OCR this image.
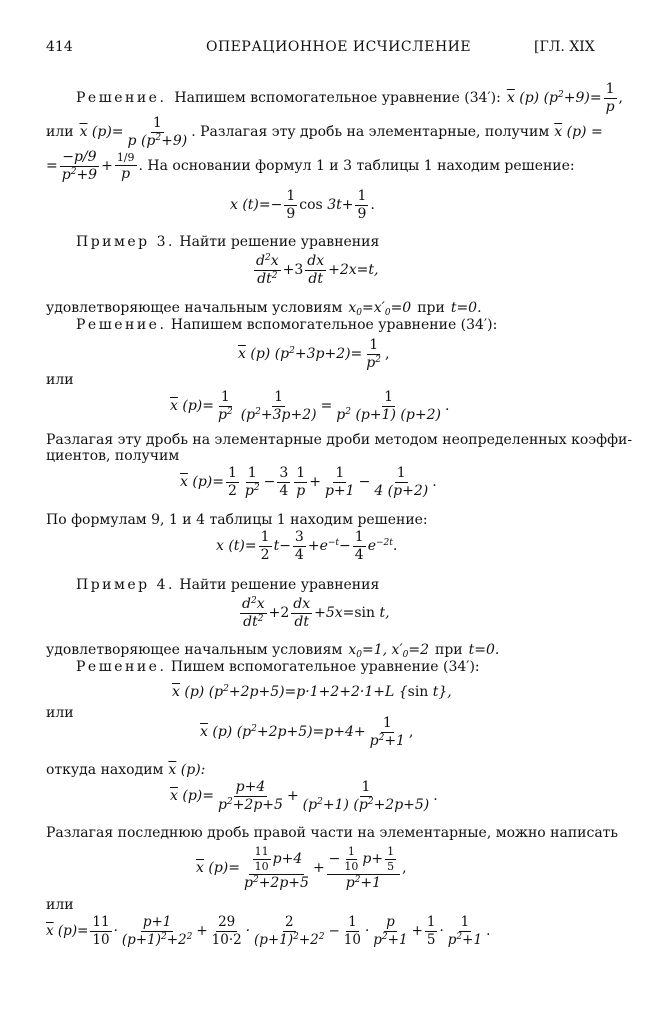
414	ОПЕРАЦИОННОЕ ИСЧИСЛЕНИЕ	[ГЛ. XIX
Решение. Напишем вспомогательное уравнение (34′): $\overline{x}$ (p) $(p^2+9)= \frac{1}{p}$ ,
или $\overline{x}$ $(p)= \frac{1}{p (p^2+9)}$ . Разлагая эту дробь на элементарные, получим $\overline{x}$ (p) =
= $\frac{-p/9}{p^2+9} + \frac{1/9}{p}$ . На основании формул 1 и 3 таблицы 1 находим решение:
x $(t)=- \frac{1}{9}$ $\cos 3t+ \frac{1}{9}$ .
Пример 3. Найти решение уравнения
$\frac{d^2x}{dt^2} +3 \frac{dx}{dt} +2x=t$,
удовлетворяющее начальным условиям $x_0=x'_0=0$ при t=0.
Решение. Напишем вспомогательное уравнение (34′):
$\overline{x}$ (p) $(p^2+3p+2)= \frac{1}{p^2}$ ,
или
$\overline{x}$ $(p)= \frac{1}{p^2} \frac{1}{(p^2+3p+2)} = \frac{1}{p^2 (p+1) (p+2)}$ .
Разлагая эту дробь на элементарные дроби методом неопределенных коэффи-
циентов, получим
$\overline{x}$ $(p)= \frac{1}{2} \frac{1}{p^2} - \frac{3}{4} \frac{1}{p} + \frac{1}{p+1} - \frac{1}{4 (p+2)}$ .
По формулам 9, 1 и 4 таблицы 1 находим решение:
x $(t)= \frac{1}{2} t- \frac{3}{4} +e^{-t}- \frac{1}{4} e^{-2t}$.
Пример 4. Найти решение уравнения
$\frac{d^2x}{dt^2} +2 \frac{dx}{dt} +5x=\sin$ t,
удовлетворяющее начальным условиям $x_0=1$, $x'_0=2$ при t=0.
Решение. Пишем вспомогательное уравнение (34′):
$\overline{x}$ (p) $(p^2+2p+5)=p\cdot 1+2+2\cdot 1+L$ {sin t},
или
$\overline{x}$ (p) $(p^2+2p+5)=p+4+ \frac{1}{p^2+1}$ ,
откуда находим $\overline{x}$ (p):
$\overline{x}$ $(p)= \frac{p+4}{p^2+2p+5} + \frac{1}{(p^2+1) (p^2+2p+5)}$ .
Разлагая последнюю дробь правой части на элементарные, можно написать
$\overline{x}$ $(p)= \frac{\frac{11}{10} p+4}{p^2+2p+5} + \frac{- \frac{1}{10} p+ \frac{1}{5}}{p^2+1}$ ,
или
$\overline{x}$ $(p)= \frac{11}{10} \cdot \frac{p+1}{(p+1)^2+2^2} + \frac{29}{10\cdot 2} \cdot \frac{2}{(p+1)^2+2^2} - \frac{1}{10} \cdot \frac{p}{p^2+1} + \frac{1}{5} \cdot \frac{1}{p^2+1}$ .
